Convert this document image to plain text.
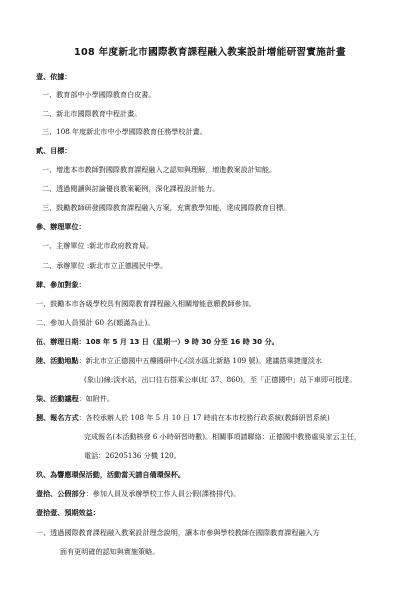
108 年度新北市國際教育課程融入教案設計增能研習實施計畫
壹、依據：
一、教育部中小學國際教育白皮書。
二、新北市國際教育中程計畫。
三、108 年度新北市中小學國際教育任務學校計畫。
貳、目標：
一、增進本市教師對國際教育課程融入之認知與理解，增進教案設計知能。
二、透過閱讀與討論優良教案範例，深化課程設計能力。
三、鼓勵教師研發國際教育課程融入方案，充實教學知能，達成國際教育目標。
參、辦理單位：
一、主辦單位 :新北市政府教育局。
二、承辦單位 :新北市立正德國民中學。
肆、參加對象：
一、鼓勵本市各級學校具有國際教育課程融入相關增能意願教師參加。
二、參加人員預計 60 名(額滿為止)。
伍、辦理日期：108 年 5 月 13 日（星期一）9 時 30 分至 16 時 30 分。
陸、活動地點：新北市立正德國中五樓國研中心(淡水區北新路 109 號)。建議搭乘捷運淡水
(象山)線:淡水站，出口往右搭乘公車(紅 37、860)，至「正德國中」站下車即可抵達。
柒、活動議程：如附件。
捌、報名方式：各校承辦人於 108 年 5 月 10 日 17 時前在本市校務行政系統(教師研習系統)
完成報名(本活動核發 6 小時研習時數)。相關事項請聯絡：正德國中教務處吳家云主任，
電話：26205136 分機 120。
玖、為響應環保活動，活動當天請自備環保杯。
壹拾、公假部分：參加人員及承辦學校工作人員公假(課務排代)。
壹拾壹、預期效益：
一、透過國際教育課程融入教案設計理念說明，讓本市參與學校教師在國際教育課程融入方
面有更明確的認知與實施策略。
